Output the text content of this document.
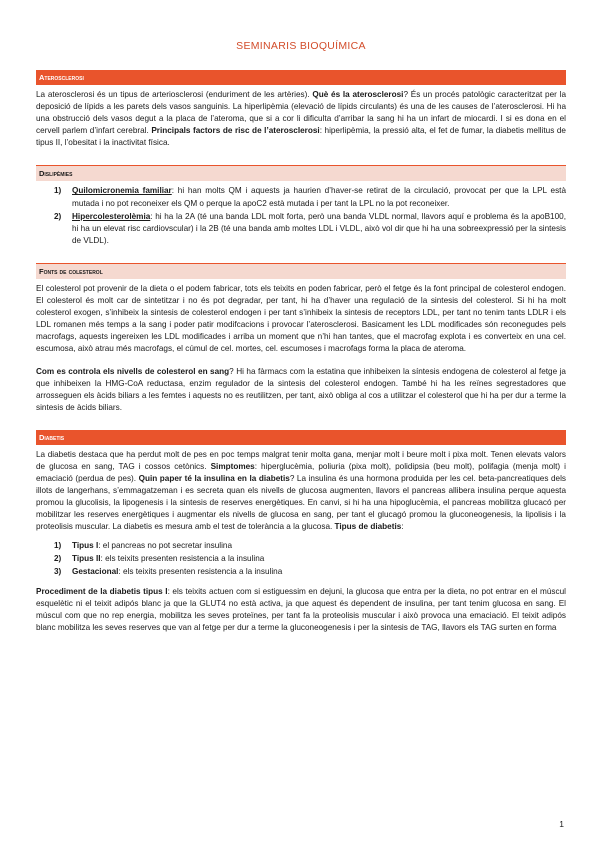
SEMINARIS BIOQUÍMICA
Aterosclerosi

La aterosclerosi és un tipus de arteriosclerosi (enduriment de les artèries). Què és la aterosclerosi? És un procés patològic caracteritzat per la deposició de lípids a les parets dels vasos sanguinis. La hiperlipèmia (elevació de lípids circulants) és una de les causes de l’aterosclerosi. Hi ha una obstrucció dels vasos degut a la placa de l’ateroma, que si a cor li dificulta d’arribar la sang hi ha un infart de miocardi. I si es dona en el cervell parlem d’infart cerebral. Principals factors de risc de l’aterosclerosi: hiperlipèmia, la pressió alta, el fet de fumar, la diabetis mellitus de tipus II, l’obesitat i la inactivitat física.

Dislipèmies
1) Quilomicronemia familiar: hi han molts QM i aquests ja haurien d’haver-se retirat de la circulació, provocat per que la LPL està mutada i no pot reconeixer els QM o perque la apoC2 està mutada i per tant la LPL no la pot reconeixer.
2) Hipercolesterolèmia: hi ha la 2A (té una banda LDL molt forta, però una banda VLDL normal, llavors aquí e problema és la apoB100, hi ha un elevat risc cardiovscular) i la 2B (té una banda amb moltes LDL i VLDL, això vol dir que hi ha una sobreexpressió per la sintesis de VLDL).
Fonts de colesterol

El colesterol pot provenir de la dieta o el podem fabricar, tots els teixits en poden fabricar, però el fetge és la font principal de colesterol endogen. El colesterol és molt car de sintetitzar i no és pot degradar, per tant, hi ha d’haver una regulació de la sintesis del colesterol. Si hi ha molt colesterol exogen, s’inhibeix la sintesis de colesterol endogen i per tant s’inhibeix la sintesis de receptors LDL, per tant no tenim tants LDLR i els LDL romanen més temps a la sang i poder patir modifcacions i provocar l’aterosclerosi. Basicament les LDL modificades són reconegudes pels macrofags, aquests ingereixen les LDL modificades i arriba un moment que n’hi han tantes, que el macrofag explota i es converteix en una cel. escumosa, això atrau més macrofags, el cúmul de cel. mortes, cel. escumoses i macrofags forma la placa de ateroma.

Com es controla els nivells de colesterol en sang? Hi ha fàrmacs com la estatina que inhibeixen la síntesis endogena de colesterol al fetge ja que inhibeixen la HMG-CoA reductasa, enzim regulador de la sintesis del colesterol endogen. També hi ha les reïnes segrestadores que arrosseguen els àcids biliars a les femtes i aquests no es reutilitzen, per tant, això obliga al cos a utilitzar el colesterol que hi ha per dur a terme la sintesis de àcids biliars.

Diabetis

La diabetis destaca que ha perdut molt de pes en poc temps malgrat tenir molta gana, menjar molt i beure molt i pixa molt. Tenen elevats valors de glucosa en sang, TAG i cossos cetònics. Simptomes: hiperglucèmia, poliuria (pixa molt), polidipsia (beu molt), polifagia (menja molt) i emaciació (perdua de pes). Quin paper té la insulina en la diabetis? La insulina és una hormona produida per les cel. beta-pancreatiques dels illots de langerhans, s’emmagatzeman i es secreta quan els nivells de glucosa augmenten, llavors el pancreas allibera insulina perque aquesta promou la glucolisis, la lipogenesis i la sintesis de reserves energètiques. En canvi, si hi ha una hipoglucèmia, el pancreas mobilitza glucacó per mobilitzar les reserves energètiques i augmentar els nivells de glucosa en sang, per tant el glucagó promou la gluconeogenesis, la lipolisis i la proteolisis muscular. La diabetis es mesura amb el test de tolerància a la glucosa. Tipus de diabetis:

1) Tipus I: el pancreas no pot secretar insulina
2) Tipus II: els teixits presenten resistencia a la insulina
3) Gestacional: els teixits presenten resistencia a la insulina

Procediment de la diabetis tipus I: els teixits actuen com si estiguessim en dejuni, la glucosa que entra per la dieta, no pot entrar en el múscul esquelètic ni el teixit adipós blanc ja que la GLUT4 no està activa, ja que aquest és dependent de insulina, per tant tenim glucosa en sang. El múscul com que no rep energia, mobilitza les seves proteïnes, per tant fa la proteolisis muscular i això provoca una emaciació. El teixit adipós blanc mobilitza les seves reserves que van al fetge per dur a terme la gluconeogenesis i per la sintesis de TAG, llavors els TAG surten en forma

1
